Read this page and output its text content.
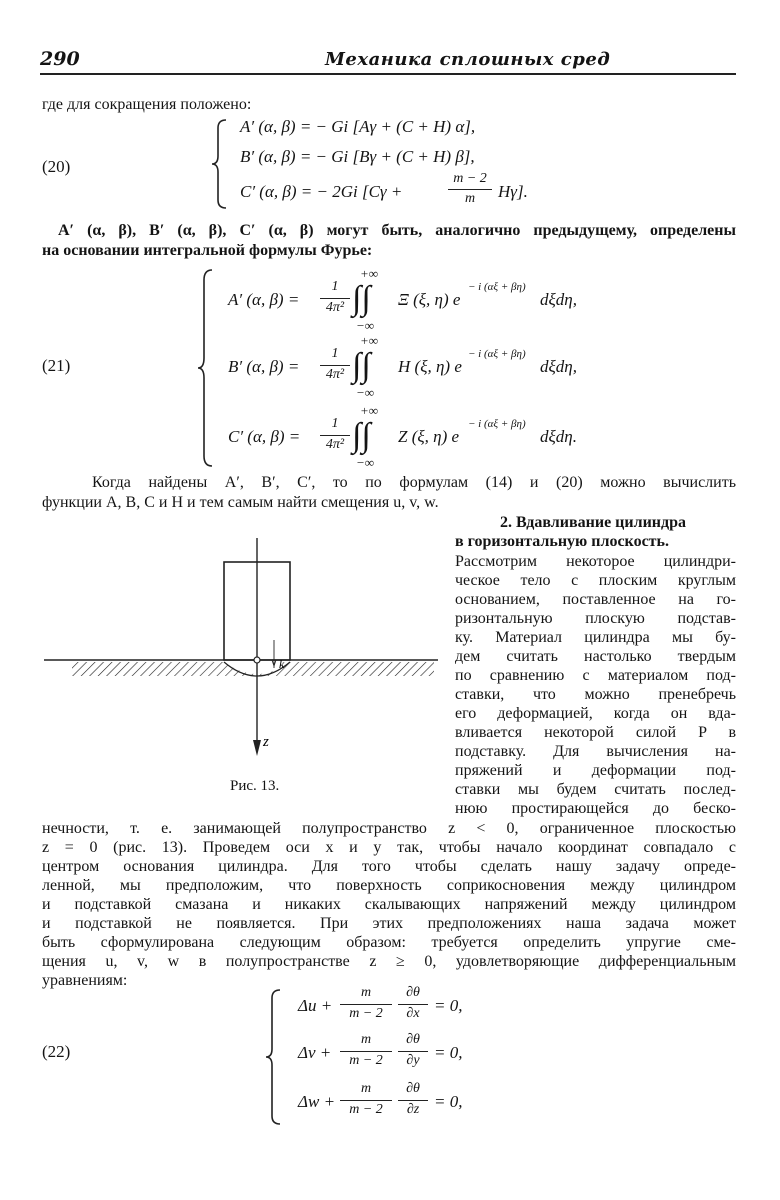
290	Механика сплошных сред
где для сокращения положено:
(20)
A′ (α, β) = − Gi [Aγ + (C + H) α],
B′ (α, β) = − Gi [Bγ + (C + H) β],
C′ (α, β) = − 2Gi [Cγ +
m − 2
m	Hγ].
A′ (α, β), B′ (α, β), C′ (α, β) могут быть, аналогично предыдущему, определены
на основании интегральной формулы Фурье:
(21)
A′ (α, β) =
1
4π²
+∞
∫∫
−∞
Ξ (ξ, η) e
− i (αξ + βη)
dξdη,
B′ (α, β) =
1
4π²
+∞
∫∫
−∞
H (ξ, η) e
− i (αξ + βη)
dξdη,
C′ (α, β) =
1
4π²
+∞
∫∫
−∞
Z (ξ, η) e
− i (αξ + βη)
dξdη.
Когда найдены A′, B′, C′, то по формулам (14) и (20) можно вычислить
функции A, B, C и H и тем самым найти смещения u, v, w.
2. Вдавливание цилиндра
в горизонтальную плоскость.
Рассмотрим некоторое цилиндри-
ческое тело с плоским круглым
основанием, поставленное на го-
ризонтальную плоскую подстав-
ку. Материал цилиндра мы бу-
дем считать настолько твердым
по сравнению с материалом под-
ставки, что можно пренебречь
его деформацией, когда он вда-
вливается некоторой силой P в
подставку. Для вычисления на-
пряжений и деформации под-
ставки мы будем считать послед-
нюю простирающейся до беско-
z
k
Рис. 13.
нечности, т. е. занимающей полупространство z < 0, ограниченное плоскостью
z = 0 (рис. 13). Проведем оси x и y так, чтобы начало координат совпадало с
центром основания цилиндра. Для того чтобы сделать нашу задачу опреде-
ленной, мы предположим, что поверхность соприкосновения между цилиндром
и подставкой смазана и никаких скалывающих напряжений между цилиндром
и подставкой не появляется. При этих предположениях наша задача может
быть сформулирована следующим образом: требуется определить упругие сме-
щения u, v, w в полупространстве z ≥ 0, удовлетворяющие дифференциальным
уравнениям:
(22)
Δu +
m
m − 2
∂θ
∂x = 0,
Δv +
m
m − 2
∂θ
∂y = 0,
Δw +
m
m − 2
∂θ
∂z = 0,
